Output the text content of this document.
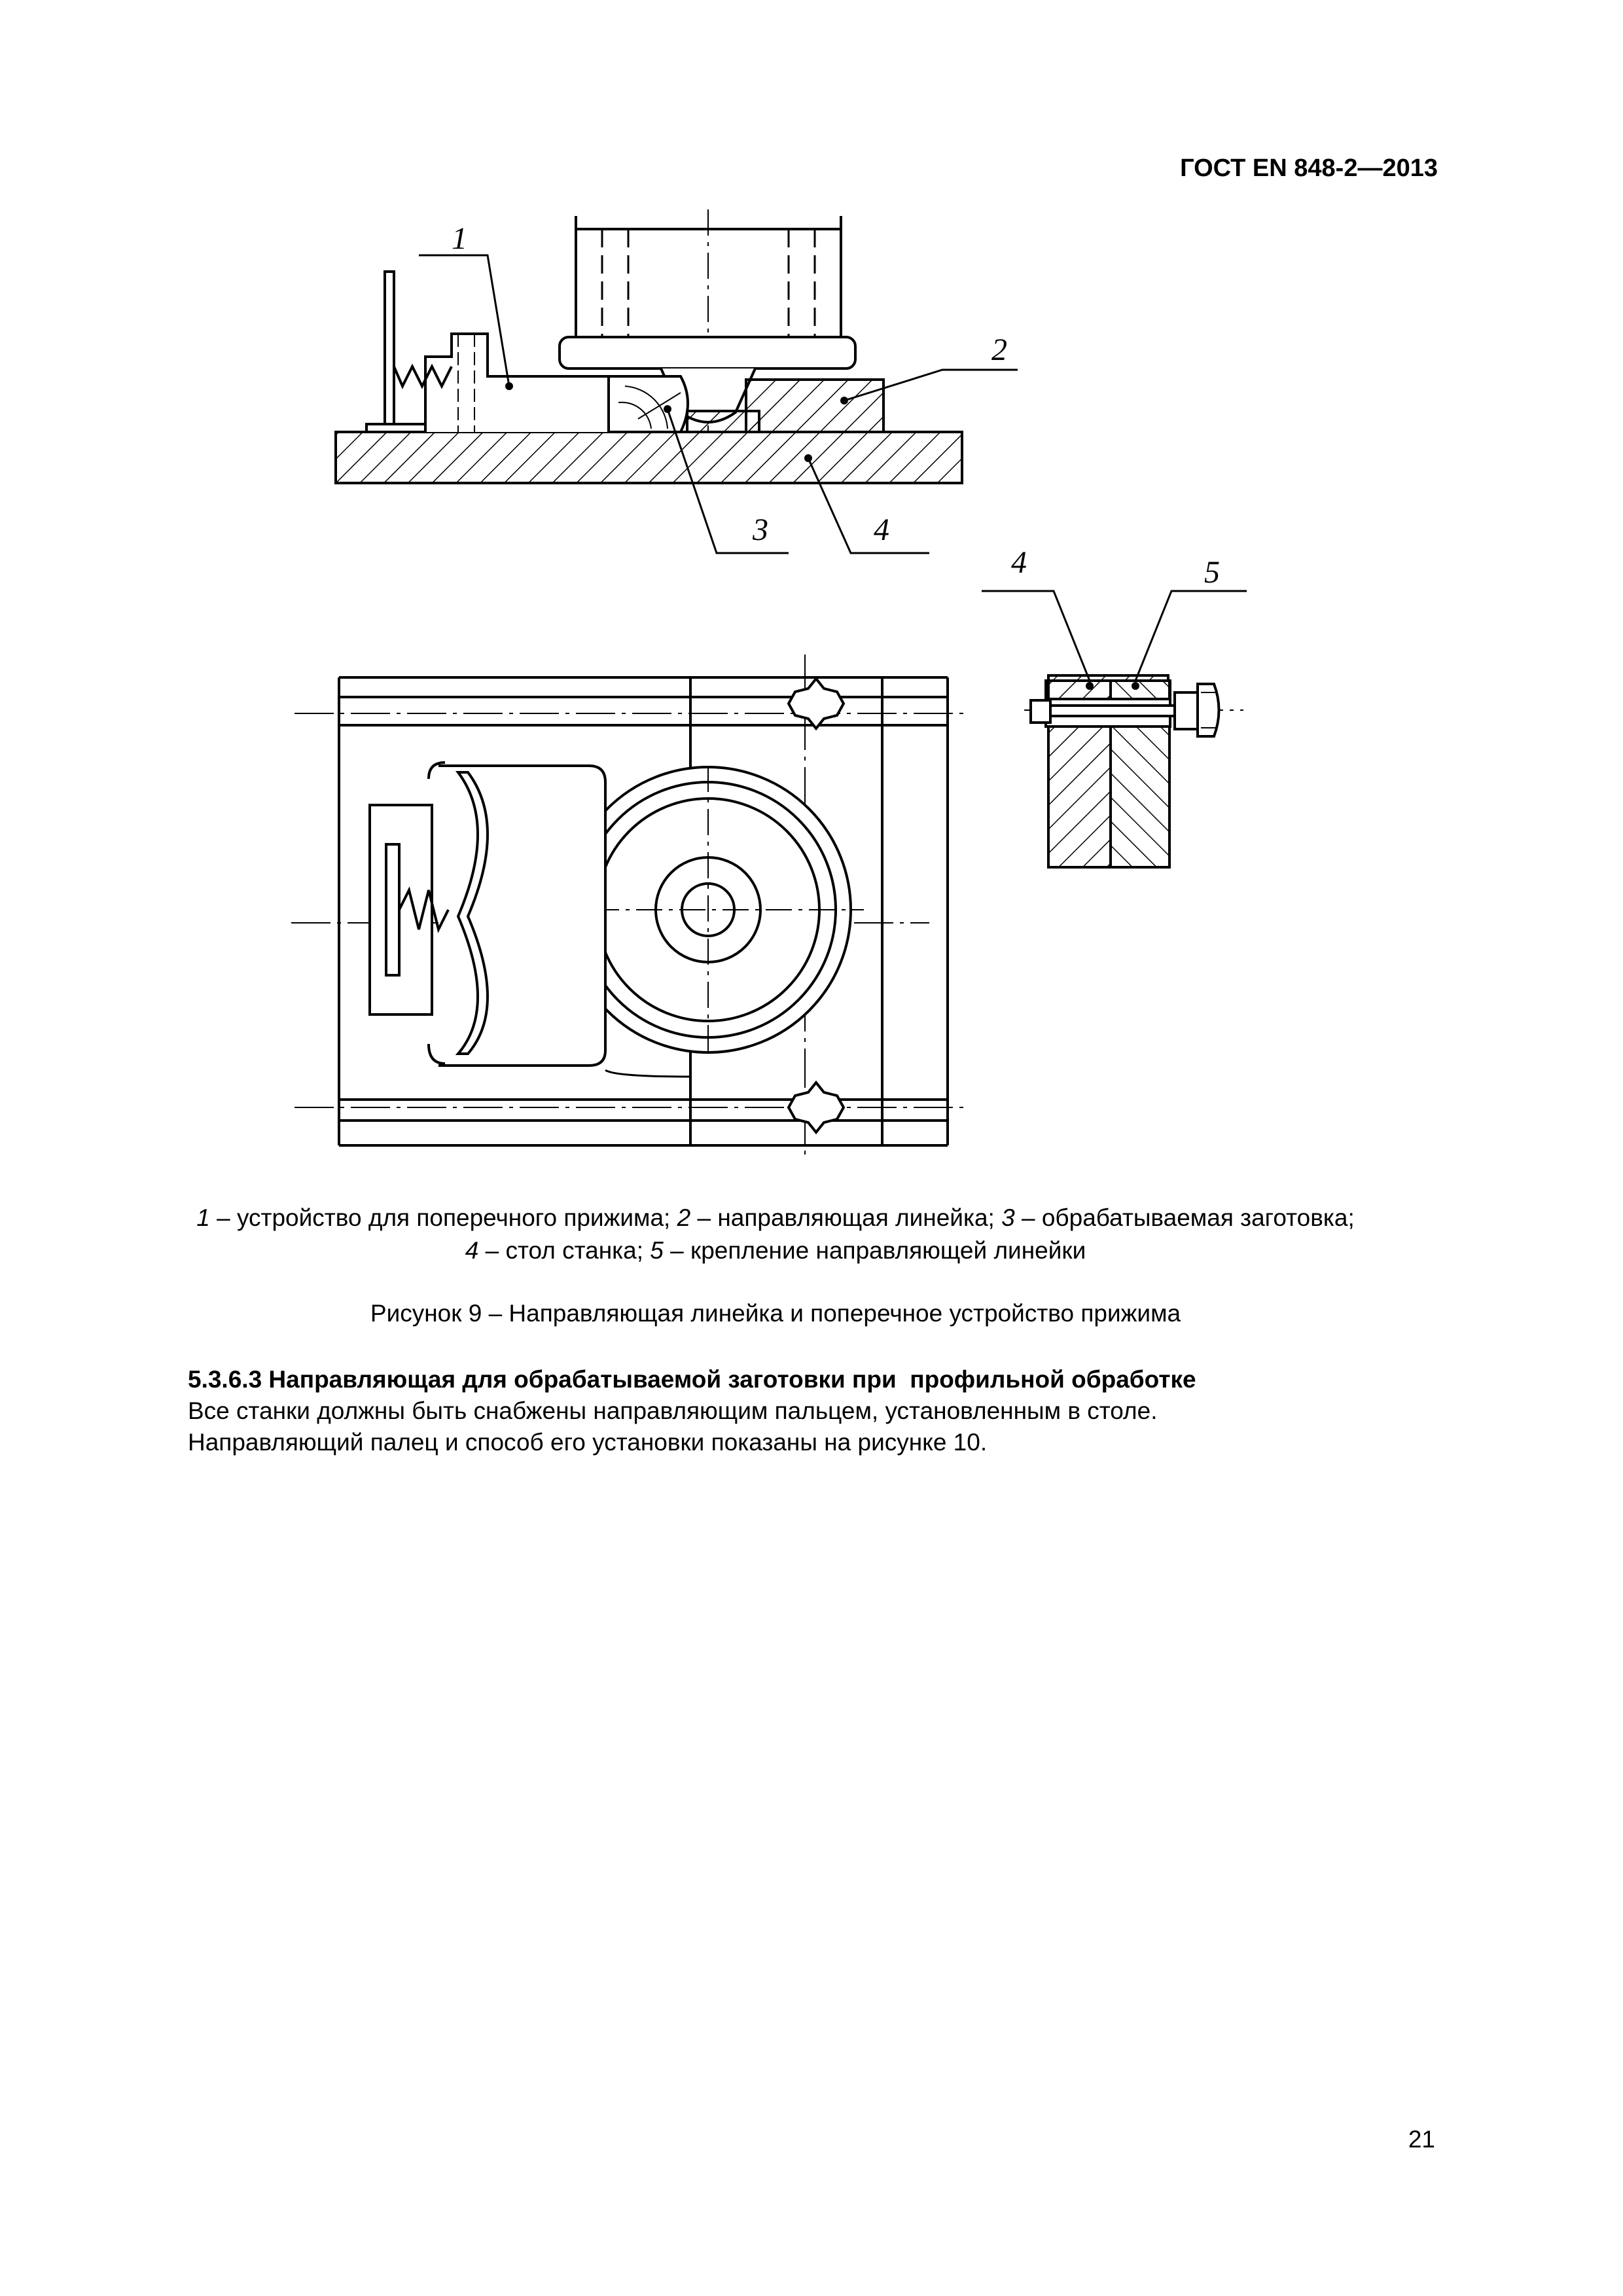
ГОСТ EN 848-2—2013
1
2
3	4
4	5
1 – устройство для поперечного прижима; 2 – направляющая линейка; 3 – обрабатываемая заготовка;
4 – стол станка; 5 – крепление направляющей линейки
Рисунок 9 – Направляющая линейка и поперечное устройство прижима
5.3.6.3 Направляющая для обрабатываемой заготовки при  профильной обработке
Все станки должны быть снабжены направляющим пальцем, установленным в столе.
Направляющий палец и способ его установки показаны на рисунке 10.
21
